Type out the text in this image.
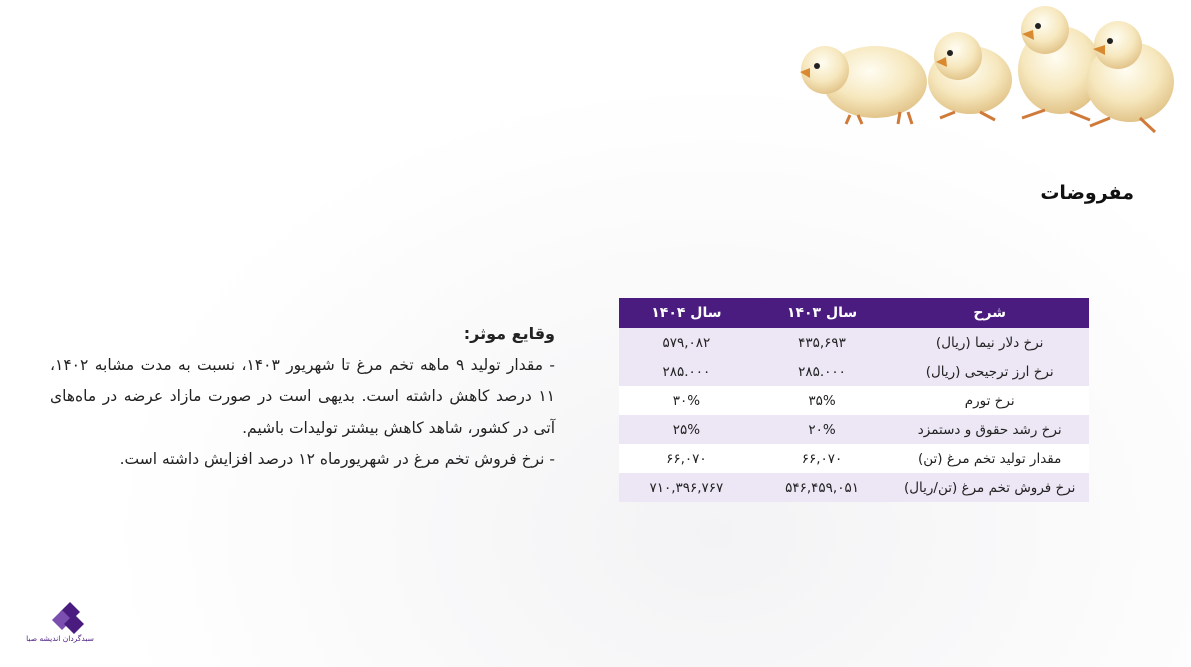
مفروضات
شرح	سال ۱۴۰۳	سال ۱۴۰۴
نرخ دلار نیما (ریال)	۴۳۵,۶۹۳	۵۷۹,۰۸۲
نرخ ارز ترجیحی (ریال)	۲۸۵.۰۰۰	۲۸۵.۰۰۰
نرخ تورم	۳۵%	۳۰%
نرخ رشد حقوق و دستمزد	۲۰%	۲۵%
مقدار تولید تخم مرغ (تن)	۶۶,۰۷۰	۶۶,۰۷۰
نرخ فروش تخم مرغ (تن/ریال)	۵۴۶,۴۵۹,۰۵۱	۷۱۰,۳۹۶,۷۶۷
وقایع موثر:

- مقدار تولید ۹ ماهه تخم مرغ تا شهریور ۱۴۰۳، نسبت به مدت مشابه ۱۴۰۲، ۱۱ درصد کاهش داشته است. بدیهی است در صورت مازاد عرضه در ماه‌های آتی در کشور، شاهد کاهش بیشتر تولیدات باشیم.

- نرخ فروش تخم مرغ در شهریورماه ۱۲ درصد افزایش داشته است.

سبدگردان اندیشه صبا
